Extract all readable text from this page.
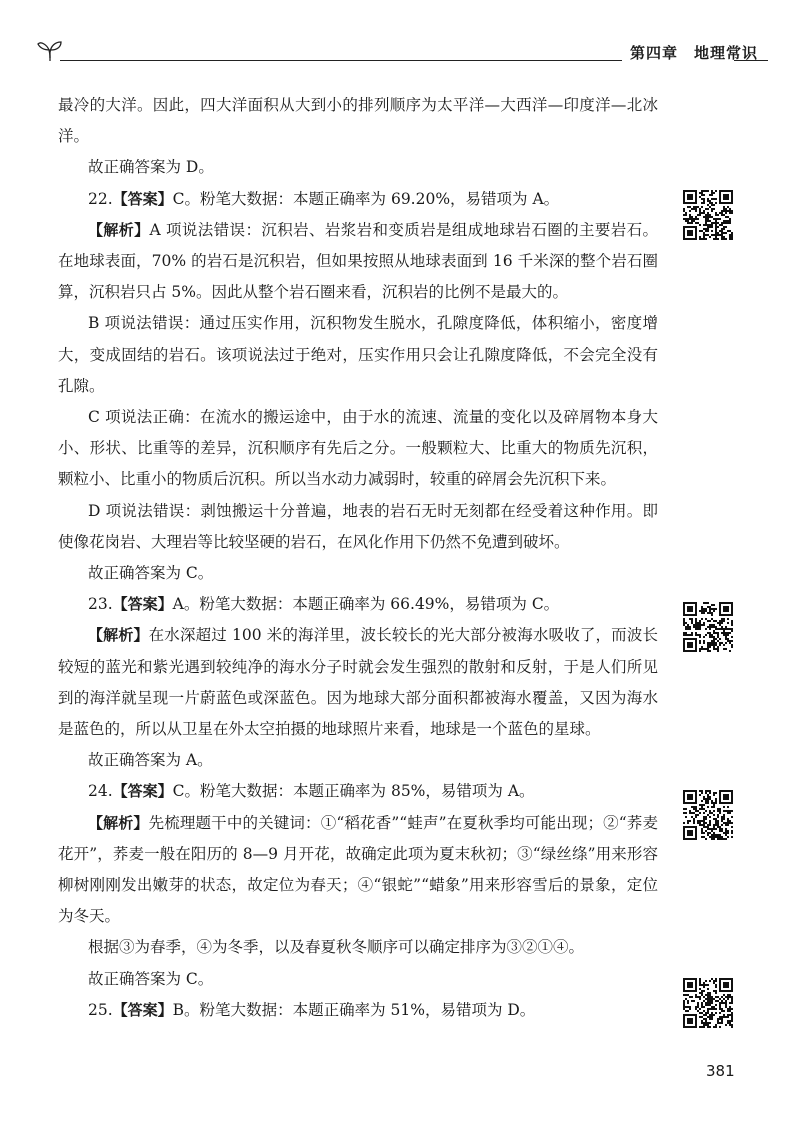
第四章 地理常识

最冷的大洋。因此，四大洋面积从大到小的排列顺序为太平洋—大西洋—印度洋—北冰洋。

故正确答案为 D。

22.【答案】C。粉笔大数据：本题正确率为 69.20%，易错项为 A。

【解析】A 项说法错误：沉积岩、岩浆岩和变质岩是组成地球岩石圈的主要岩石。在地球表面，70% 的岩石是沉积岩，但如果按照从地球表面到 16 千米深的整个岩石圈算，沉积岩只占 5%。因此从整个岩石圈来看，沉积岩的比例不是最大的。

B 项说法错误：通过压实作用，沉积物发生脱水，孔隙度降低，体积缩小，密度增大，变成固结的岩石。该项说法过于绝对，压实作用只会让孔隙度降低，不会完全没有孔隙。

C 项说法正确：在流水的搬运途中，由于水的流速、流量的变化以及碎屑物本身大小、形状、比重等的差异，沉积顺序有先后之分。一般颗粒大、比重大的物质先沉积，颗粒小、比重小的物质后沉积。所以当水动力减弱时，较重的碎屑会先沉积下来。

D 项说法错误：剥蚀搬运十分普遍，地表的岩石无时无刻都在经受着这种作用。即使像花岗岩、大理岩等比较坚硬的岩石，在风化作用下仍然不免遭到破坏。

故正确答案为 C。

23.【答案】A。粉笔大数据：本题正确率为 66.49%，易错项为 C。

【解析】在水深超过 100 米的海洋里，波长较长的光大部分被海水吸收了，而波长较短的蓝光和紫光遇到较纯净的海水分子时就会发生强烈的散射和反射，于是人们所见到的海洋就呈现一片蔚蓝色或深蓝色。因为地球大部分面积都被海水覆盖，又因为海水是蓝色的，所以从卫星在外太空拍摄的地球照片来看，地球是一个蓝色的星球。

故正确答案为 A。

24.【答案】C。粉笔大数据：本题正确率为 85%，易错项为 A。

【解析】先梳理题干中的关键词：①“稻花香”“蛙声”在夏秋季均可能出现；②“荞麦花开”，荞麦一般在阳历的 8—9 月开花，故确定此项为夏末秋初；③“绿丝绦”用来形容柳树刚刚发出嫩芽的状态，故定位为春天；④“银蛇”“蜡象”用来形容雪后的景象，定位为冬天。

根据③为春季，④为冬季，以及春夏秋冬顺序可以确定排序为③②①④。

故正确答案为 C。

25.【答案】B。粉笔大数据：本题正确率为 51%，易错项为 D。

381
